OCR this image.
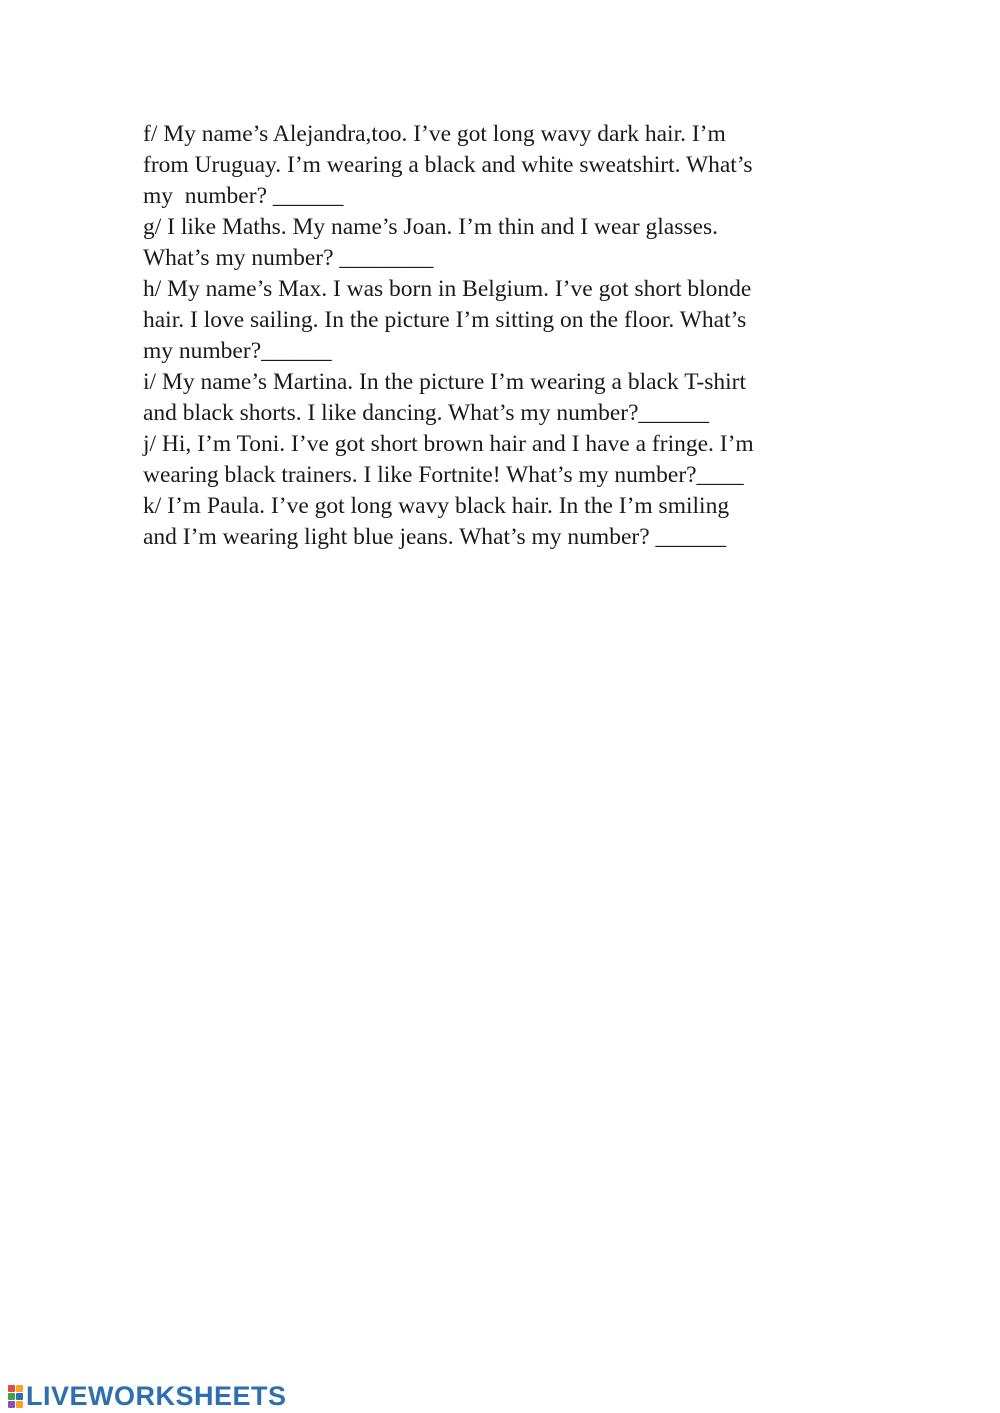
f/ My name’s Alejandra,too. I’ve got long wavy dark hair. I’m
from Uruguay. I’m wearing a black and white sweatshirt. What’s
my  number? ______
g/ I like Maths. My name’s Joan. I’m thin and I wear glasses.
What’s my number? ________
h/ My name’s Max. I was born in Belgium. I’ve got short blonde
hair. I love sailing. In the picture I’m sitting on the floor. What’s
my number?______
i/ My name’s Martina. In the picture I’m wearing a black T-shirt
and black shorts. I like dancing. What’s my number?______
j/ Hi, I’m Toni. I’ve got short brown hair and I have a fringe. I’m
wearing black trainers. I like Fortnite! What’s my number?____
k/ I’m Paula. I’ve got long wavy black hair. In the I’m smiling
and I’m wearing light blue jeans. What’s my number? ______
LIVEWORKSHEETS
